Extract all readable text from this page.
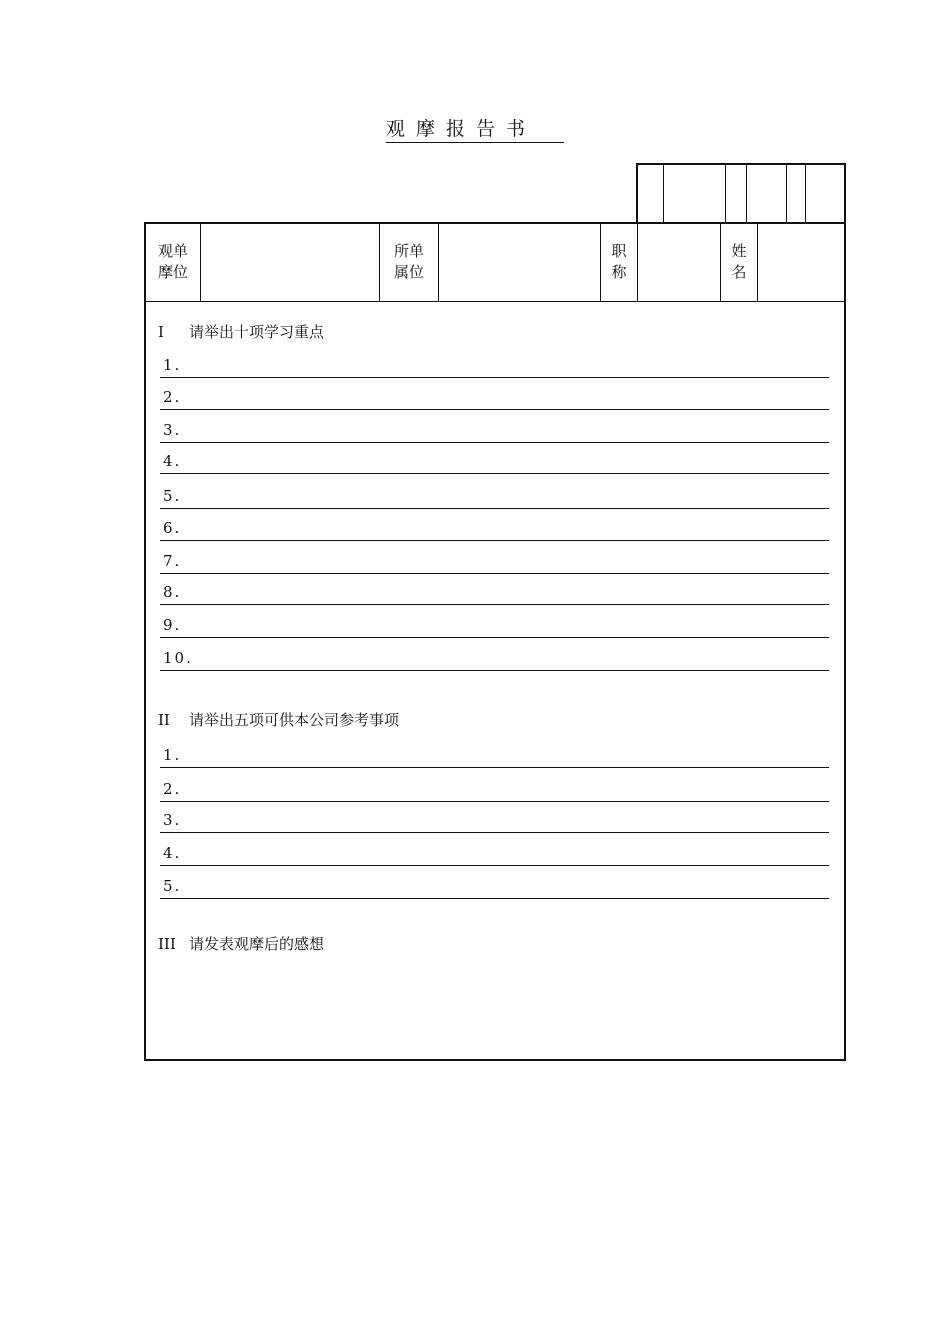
观摩报告书
观单
摩位
所单
属位
职
称
姓
名
I 请举出十项学习重点
1.
2.
3.
4.
5.
6.
7.
8.
9.
10.
II 请举出五项可供本公司参考事项
1.
2.
3.
4.
5.
III 请发表观摩后的感想
